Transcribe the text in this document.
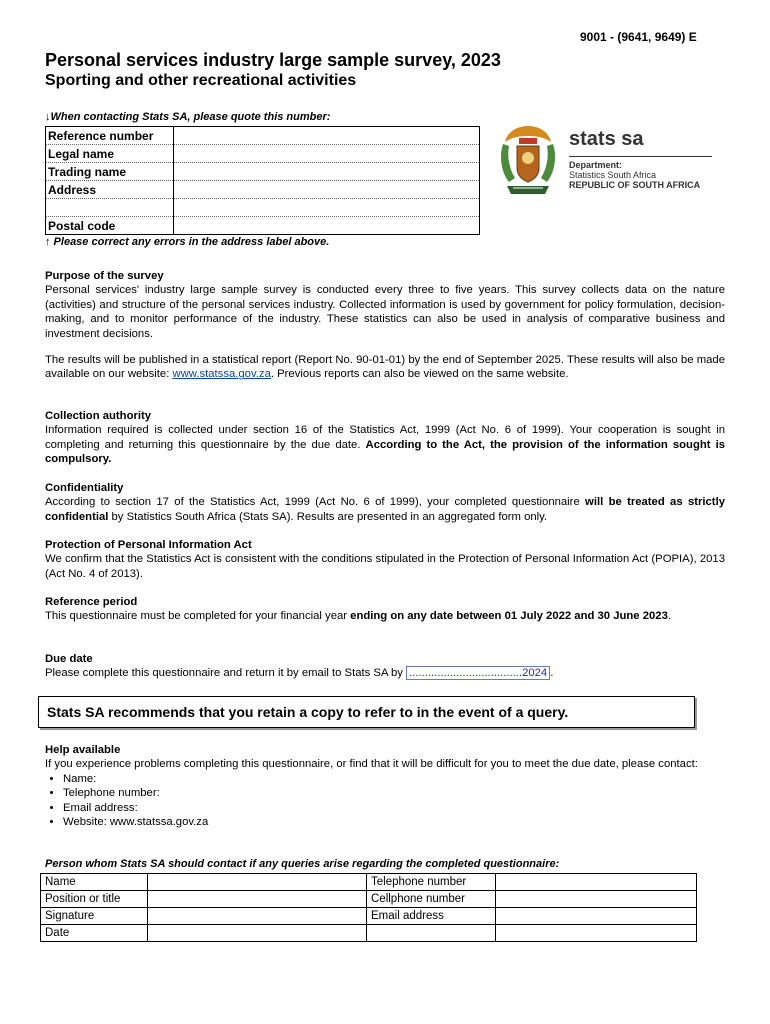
9001 - (9641, 9649) E
Personal services industry large sample survey, 2023
Sporting and other recreational activities
↓When contacting Stats SA, please quote this number:
Reference number	
Legal name	
Trading name	
Address	

Postal code	
↑ Please correct any errors in the address label above.
stats sa
Department:
Statistics South Africa
REPUBLIC OF SOUTH AFRICA
Purpose of the survey
Personal services' industry large sample survey is conducted every three to five years. This survey collects data on the nature (activities) and structure of the personal services industry. Collected information is used by government for policy formulation, decision-making, and to monitor performance of the industry. These statistics can also be used in analysis of comparative business and investment decisions.
The results will be published in a statistical report (Report No. 90-01-01) by the end of September 2025. These results will also be made available on our website: www.statssa.gov.za. Previous reports can also be viewed on the same website.
Collection authority
Information required is collected under section 16 of the Statistics Act, 1999 (Act No. 6 of 1999). Your cooperation is sought in completing and returning this questionnaire by the due date. According to the Act, the provision of the information sought is compulsory.
Confidentiality
According to section 17 of the Statistics Act, 1999 (Act No. 6 of 1999), your completed questionnaire will be treated as strictly confidential by Statistics South Africa (Stats SA). Results are presented in an aggregated form only.
Protection of Personal Information Act
We confirm that the Statistics Act is consistent with the conditions stipulated in the Protection of Personal Information Act (POPIA), 2013 (Act No. 4 of 2013).
Reference period
This questionnaire must be completed for your financial year ending on any date between 01 July 2022 and 30 June 2023.
Due date
Please complete this questionnaire and return it by email to Stats SA by ....................................2024 .
Stats SA recommends that you retain a copy to refer to in the event of a query.
Help available
If you experience problems completing this questionnaire, or find that it will be difficult for you to meet the due date, please contact:
• Name:
• Telephone number:
• Email address:
• Website: www.statssa.gov.za
Person whom Stats SA should contact if any queries arise regarding the completed questionnaire:
Name		Telephone number	
Position or title		Cellphone number	
Signature		Email address	
Date			
